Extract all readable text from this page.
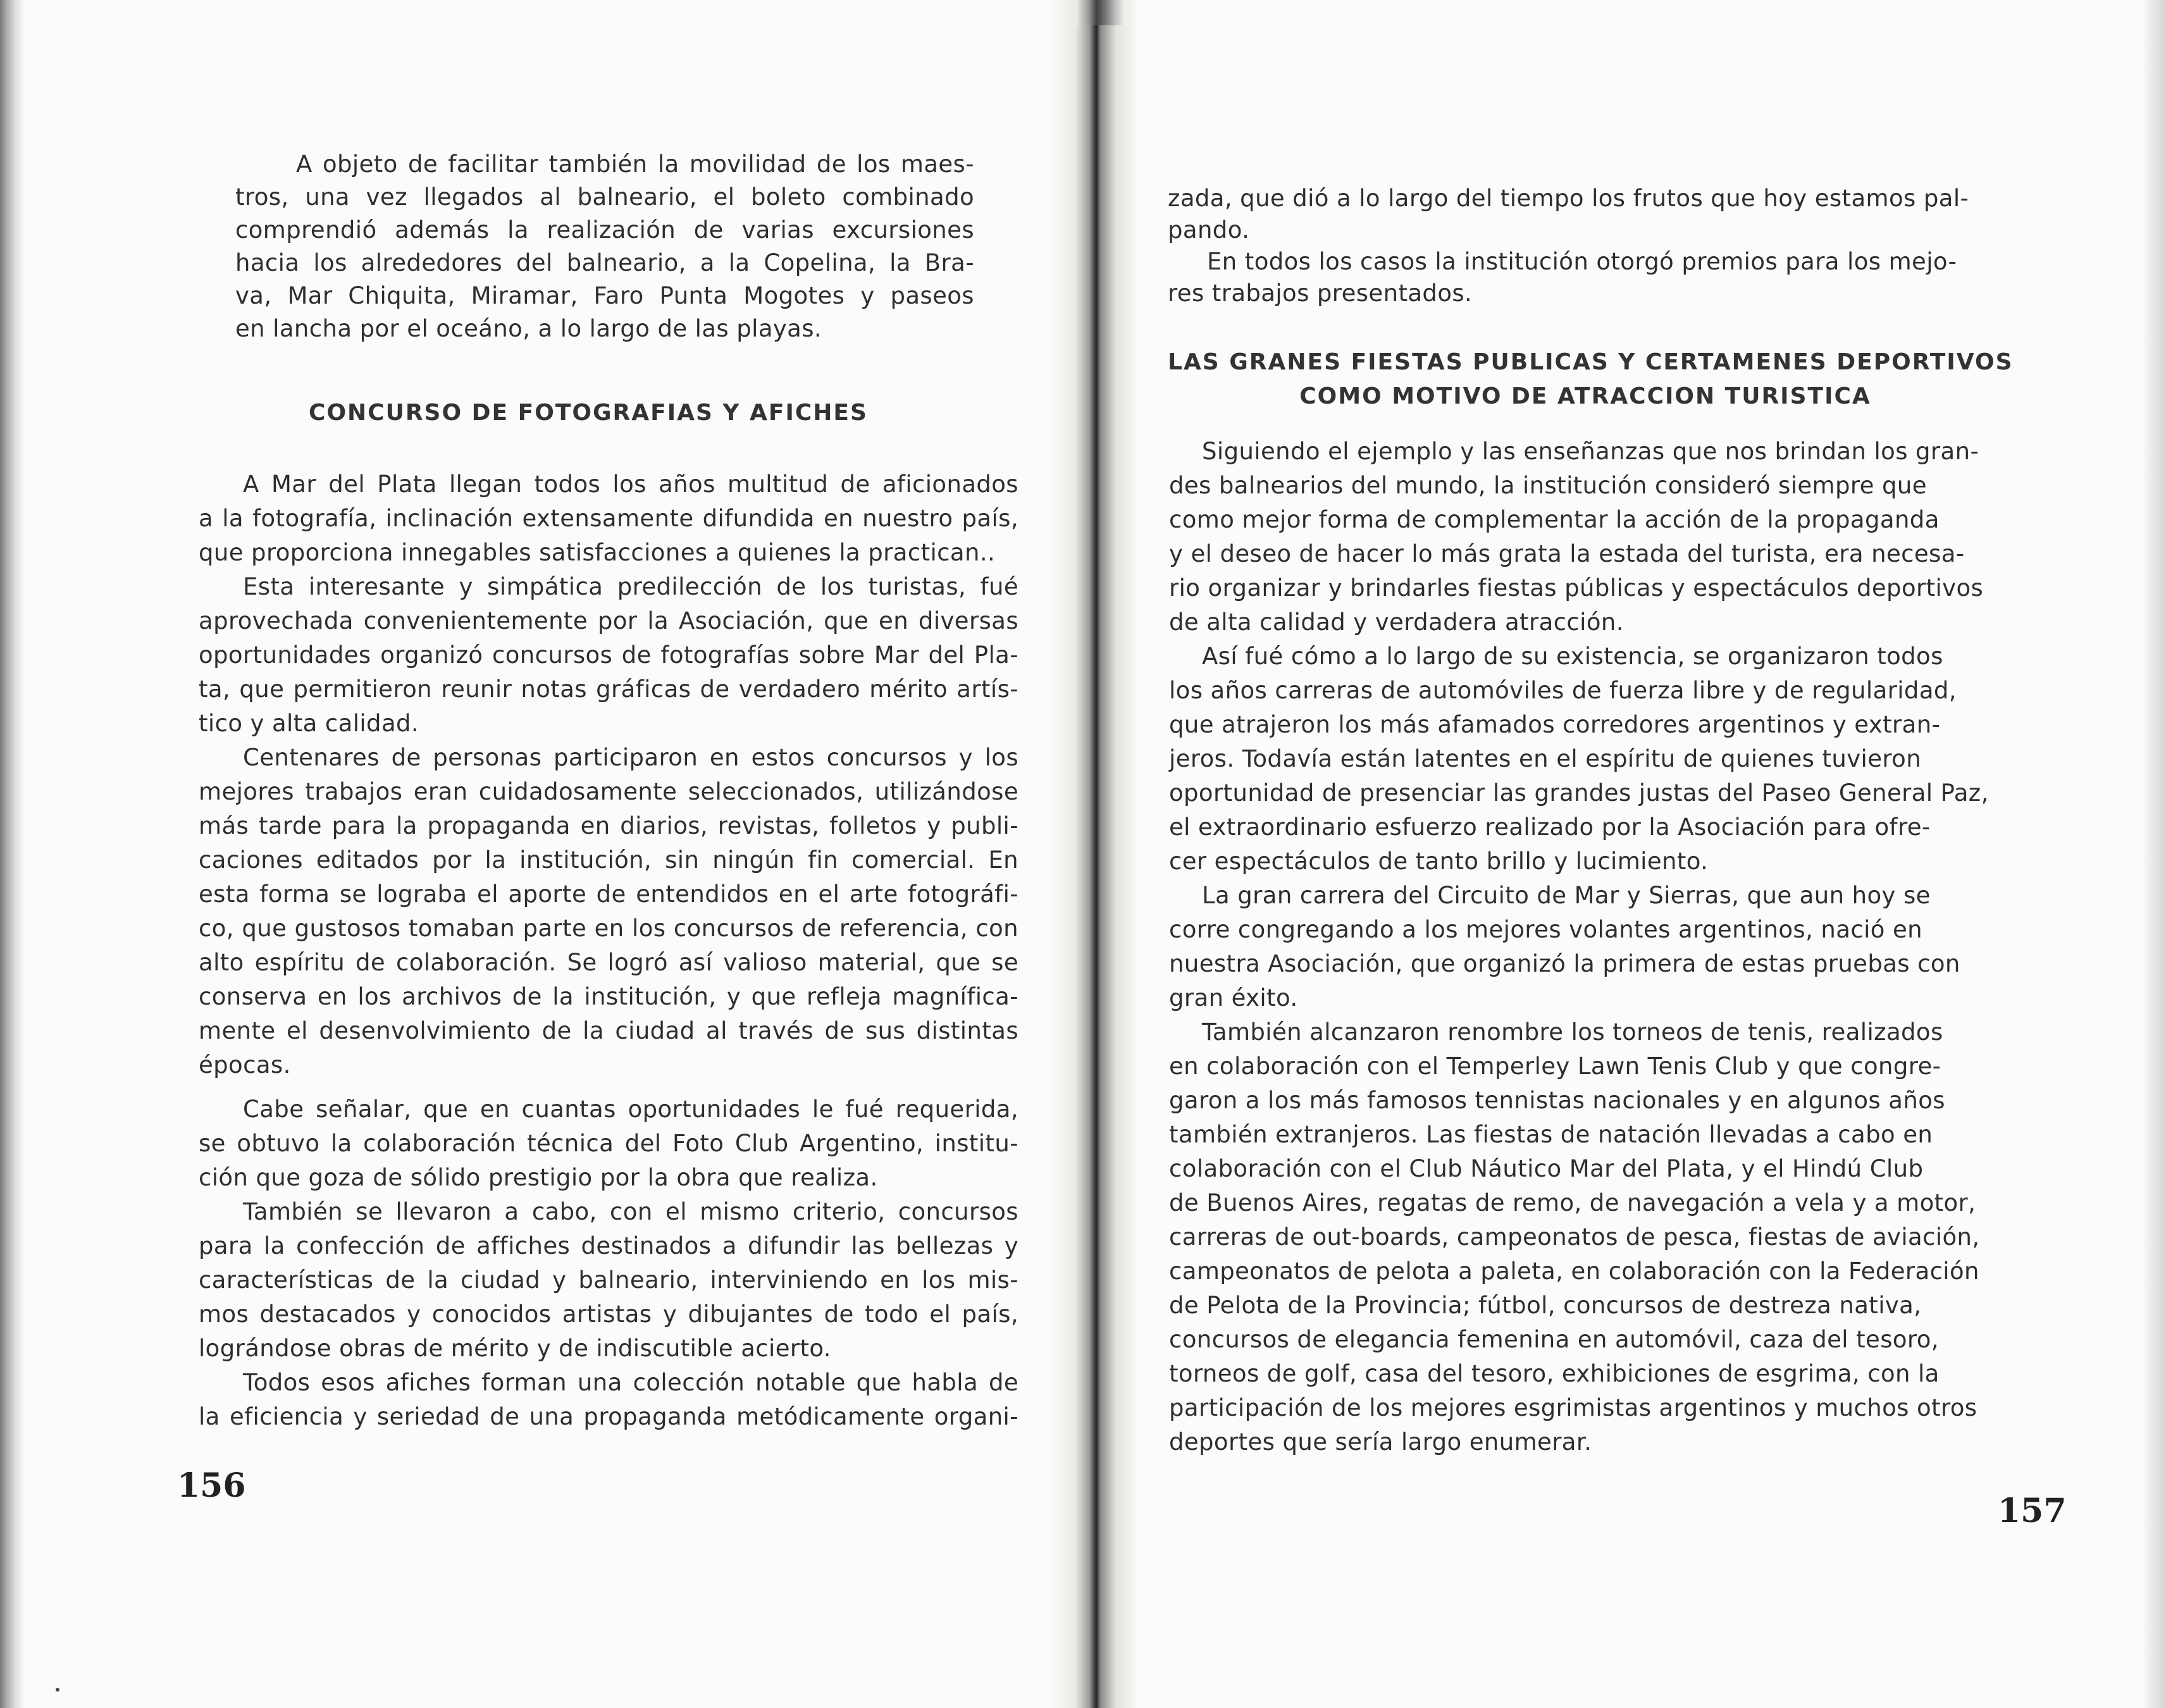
A objeto de facilitar también la movilidad de los maes-
tros, una vez llegados al balneario, el boleto combinado
comprendió además la realización de varias excursiones
hacia los alrededores del balneario, a la Copelina, la Bra-
va, Mar Chiquita, Miramar, Faro Punta Mogotes y paseos
en lancha por el oceáno, a lo largo de las playas.
CONCURSO DE FOTOGRAFIAS Y AFICHES
A Mar del Plata llegan todos los años multitud de aficionados
a la fotografía, inclinación extensamente difundida en nuestro país,
que proporciona innegables satisfacciones a quienes la practican..
Esta interesante y simpática predilección de los turistas, fué
aprovechada convenientemente por la Asociación, que en diversas
oportunidades organizó concursos de fotografías sobre Mar del Pla-
ta, que permitieron reunir notas gráficas de verdadero mérito artís-
tico y alta calidad.
Centenares de personas participaron en estos concursos y los
mejores trabajos eran cuidadosamente seleccionados, utilizándose
más tarde para la propaganda en diarios, revistas, folletos y publi-
caciones editados por la institución, sin ningún fin comercial. En
esta forma se lograba el aporte de entendidos en el arte fotográfi-
co, que gustosos tomaban parte en los concursos de referencia, con
alto espíritu de colaboración. Se logró así valioso material, que se
conserva en los archivos de la institución, y que refleja magnífica-
mente el desenvolvimiento de la ciudad al través de sus distintas
épocas.
Cabe señalar, que en cuantas oportunidades le fué requerida,
se obtuvo la colaboración técnica del Foto Club Argentino, institu-
ción que goza de sólido prestigio por la obra que realiza.
También se llevaron a cabo, con el mismo criterio, concursos
para la confección de affiches destinados a difundir las bellezas y
características de la ciudad y balneario, interviniendo en los mis-
mos destacados y conocidos artistas y dibujantes de todo el país,
lográndose obras de mérito y de indiscutible acierto.
Todos esos afiches forman una colección notable que habla de
la eficiencia y seriedad de una propaganda metódicamente organi-
156
zada, que dió a lo largo del tiempo los frutos que hoy estamos pal-
pando.
En todos los casos la institución otorgó premios para los mejo-
res trabajos presentados.
LAS GRANES FIESTAS PUBLICAS Y CERTAMENES DEPORTIVOS
COMO MOTIVO DE ATRACCION TURISTICA
Siguiendo el ejemplo y las enseñanzas que nos brindan los gran-
des balnearios del mundo, la institución consideró siempre que
como mejor forma de complementar la acción de la propaganda
y el deseo de hacer lo más grata la estada del turista, era necesa-
rio organizar y brindarles fiestas públicas y espectáculos deportivos
de alta calidad y verdadera atracción.
Así fué cómo a lo largo de su existencia, se organizaron todos
los años carreras de automóviles de fuerza libre y de regularidad,
que atrajeron los más afamados corredores argentinos y extran-
jeros. Todavía están latentes en el espíritu de quienes tuvieron
oportunidad de presenciar las grandes justas del Paseo General Paz,
el extraordinario esfuerzo realizado por la Asociación para ofre-
cer espectáculos de tanto brillo y lucimiento.
La gran carrera del Circuito de Mar y Sierras, que aun hoy se
corre congregando a los mejores volantes argentinos, nació en
nuestra Asociación, que organizó la primera de estas pruebas con
gran éxito.
También alcanzaron renombre los torneos de tenis, realizados
en colaboración con el Temperley Lawn Tenis Club y que congre-
garon a los más famosos tennistas nacionales y en algunos años
también extranjeros. Las fiestas de natación llevadas a cabo en
colaboración con el Club Náutico Mar del Plata, y el Hindú Club
de Buenos Aires, regatas de remo, de navegación a vela y a motor,
carreras de out-boards, campeonatos de pesca, fiestas de aviación,
campeonatos de pelota a paleta, en colaboración con la Federación
de Pelota de la Provincia; fútbol, concursos de destreza nativa,
concursos de elegancia femenina en automóvil, caza del tesoro,
torneos de golf, casa del tesoro, exhibiciones de esgrima, con la
participación de los mejores esgrimistas argentinos y muchos otros
deportes que sería largo enumerar.
157
